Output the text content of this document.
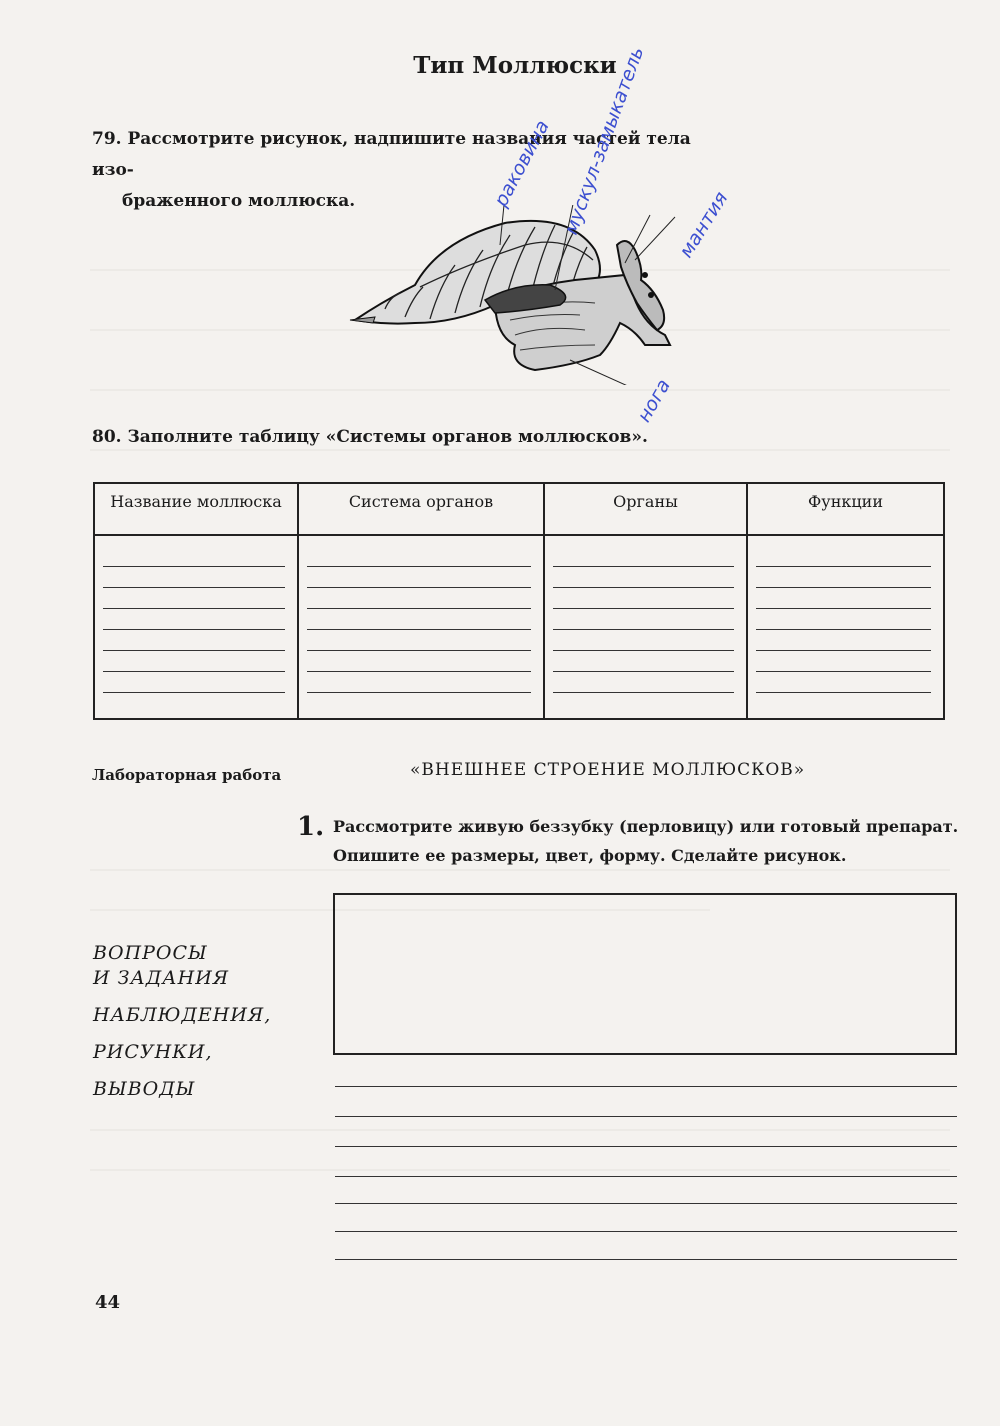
Тип Моллюски
79. Рассмотрите рисунок, надпишите названия частей тела изо-
браженного моллюска.	раковина мускул-замыкатель мантия
нога
80. Заполните таблицу «Системы органов моллюсков».
Название моллюска	Система органов	Органы	Функции

Лабораторная работа	«ВНЕШНЕЕ СТРОЕНИЕ МОЛЛЮСКОВ»
1. Рассмотрите живую беззубку (перловицу) или готовый препарат.
Опишите ее размеры, цвет, форму. Сделайте рисунок.
ВОПРОСЫ
И ЗАДАНИЯ
НАБЛЮДЕНИЯ,
РИСУНКИ,
ВЫВОДЫ
44
